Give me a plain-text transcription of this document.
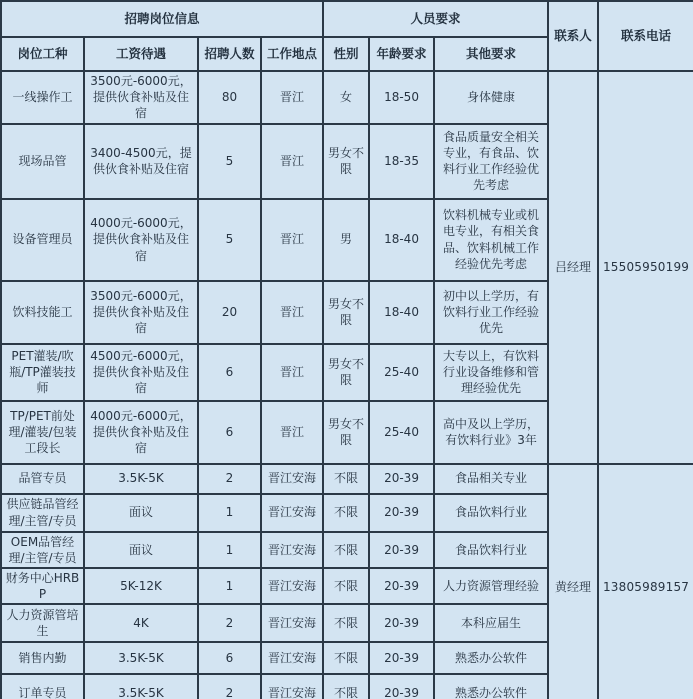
招聘岗位信息				人员要求			联系人	联系电话
岗位工种	工资待遇	招聘人数	工作地点	性别	年龄要求	其他要求		
一线操作工	3500元-6000元，提供伙食补贴及住宿	80	晋江	女	18-50	身体健康	吕经理	15505950199
现场品管	3400-4500元，提供伙食补贴及住宿	5	晋江	男女不限	18-35	食品质量安全相关专业，有食品、饮料行业工作经验优先考虑		
设备管理员	4000元-6000元，提供伙食补贴及住宿	5	晋江	男	18-40	饮料机械专业或机电专业，有相关食品、饮料机械工作经验优先考虑		
饮料技能工	3500元-6000元，提供伙食补贴及住宿	20	晋江	男女不限	18-40	初中以上学历，有饮料行业工作经验优先		
PET灌装/吹瓶/TP灌装技师	4500元-6000元，提供伙食补贴及住宿	6	晋江	男女不限	25-40	大专以上，有饮料行业设备维修和管理经验优先		
TP/PET前处理/灌装/包装工段长	4000元-6000元，提供伙食补贴及住宿	6	晋江	男女不限	25-40	高中及以上学历，有饮料行业》3年		
品管专员	3.5K-5K	2	晋江安海	不限	20-39	食品相关专业	黄经理	13805989157
供应链品管经理/主管/专员	面议	1	晋江安海	不限	20-39	食品饮料行业		
OEM品管经理/主管/专员	面议	1	晋江安海	不限	20-39	食品饮料行业		
财务中心HRBP	5K-12K	1	晋江安海	不限	20-39	人力资源管理经验		
人力资源管培生	4K	2	晋江安海	不限	20-39	本科应届生		
销售内勤	3.5K-5K	6	晋江安海	不限	20-39	熟悉办公软件		
订单专员	3.5K-5K	2	晋江安海	不限	20-39	熟悉办公软件		
